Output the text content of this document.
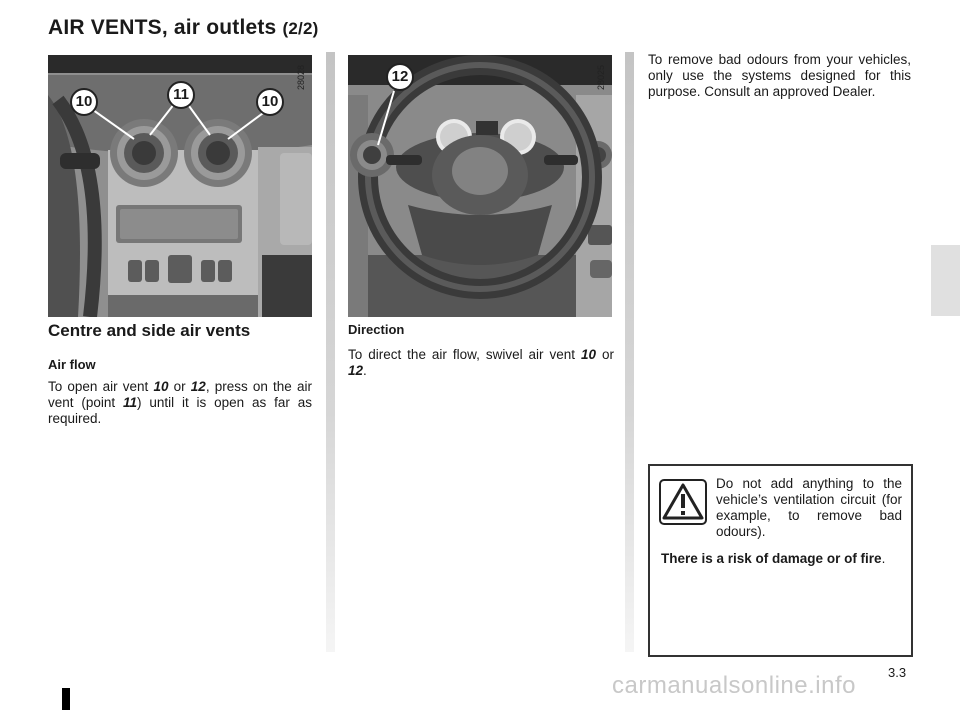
AIR VENTS, air outlets (2/2)
10	11	10
28028	12	28025
Centre and side air vents
Air flow
To open air vent 10 or 12, press on the air vent (point 11) until it is open as far as required.
Direction
To direct the air flow, swivel air vent 10 or 12.
To remove bad odours from your vehicles, only use the systems designed for this purpose. Consult an approved Dealer.
Do not add anything to the vehicle’s ventilation circuit (for example, to remove bad odours).
There is a risk of damage or of fire.
3.3
carmanualsonline.info
